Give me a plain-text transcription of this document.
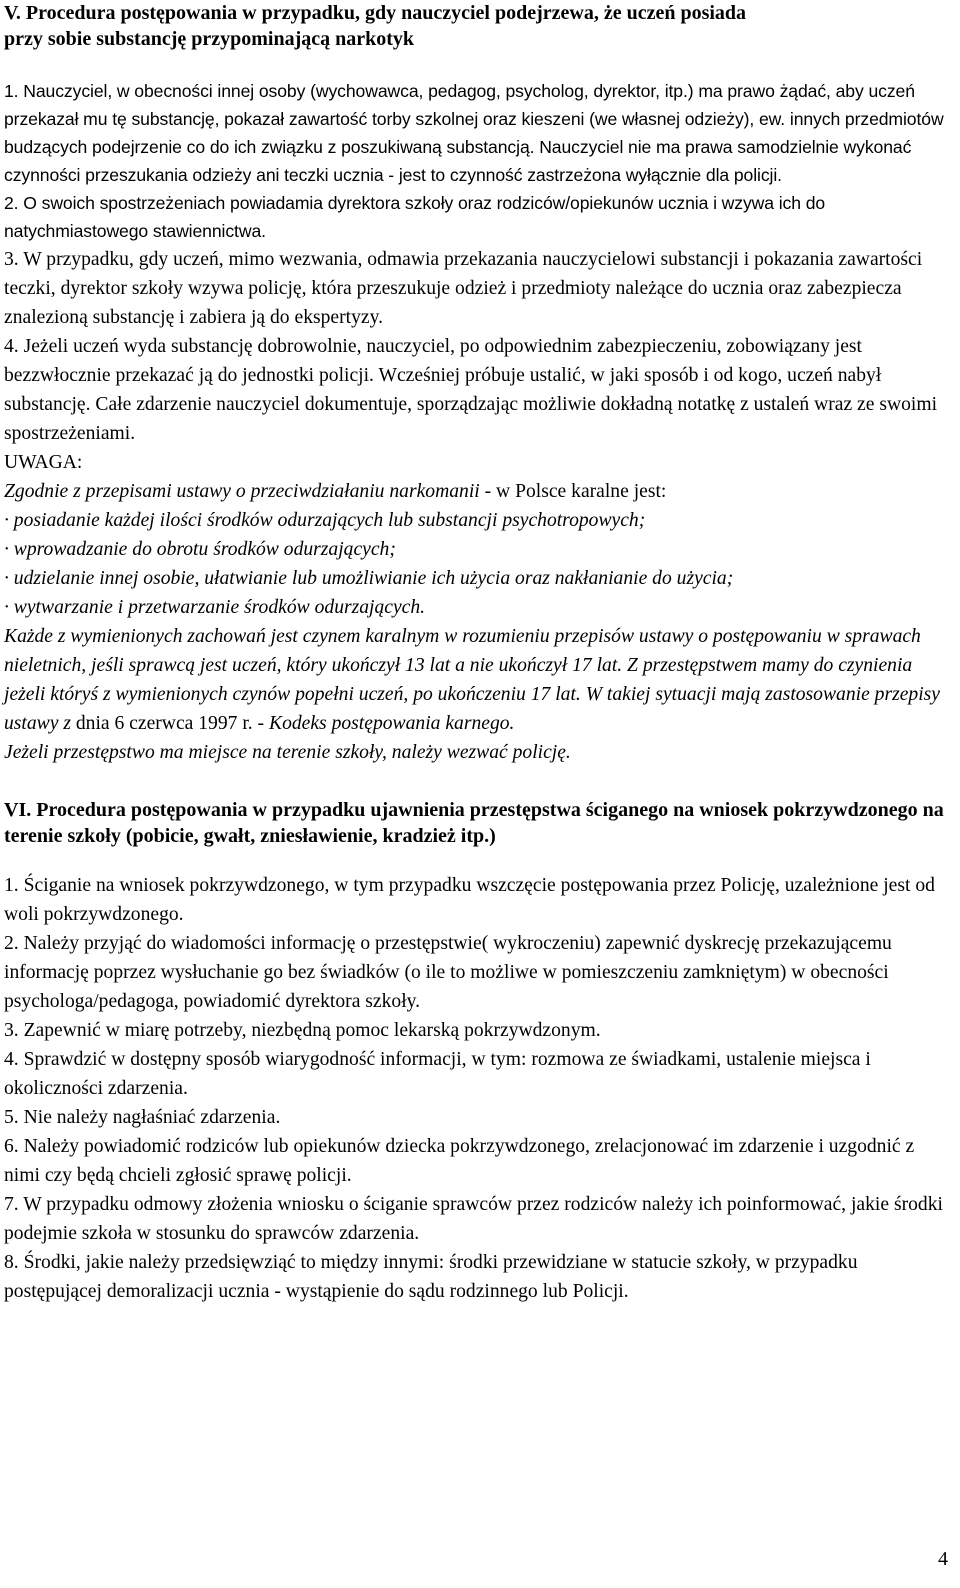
V. Procedura postępowania w przypadku, gdy nauczyciel podejrzewa, że uczeń posiada
przy sobie substancję przypominającą narkotyk

1. Nauczyciel, w obecności innej osoby (wychowawca, pedagog, psycholog, dyrektor, itp.) ma prawo żądać, aby uczeń przekazał mu tę substancję, pokazał zawartość torby szkolnej oraz kieszeni (we własnej odzieży), ew. innych przedmiotów budzących podejrzenie co do ich związku z poszukiwaną substancją. Nauczyciel nie ma prawa samodzielnie wykonać czynności przeszukania odzieży ani teczki ucznia - jest to czynność zastrzeżona wyłącznie dla policji.

2. O swoich spostrzeżeniach powiadamia dyrektora szkoły oraz rodziców/opiekunów ucznia i wzywa ich do natychmiastowego stawiennictwa.

3. W przypadku, gdy uczeń, mimo wezwania, odmawia przekazania nauczycielowi substancji i pokazania zawartości teczki, dyrektor szkoły wzywa policję, która przeszukuje odzież i przedmioty należące do ucznia oraz zabezpiecza znalezioną substancję i zabiera ją do ekspertyzy.

4. Jeżeli uczeń wyda substancję dobrowolnie, nauczyciel, po odpowiednim zabezpieczeniu, zobowiązany jest bezzwłocznie przekazać ją do jednostki policji. Wcześniej próbuje ustalić, w jaki sposób i od kogo, uczeń nabył substancję. Całe zdarzenie nauczyciel dokumentuje, sporządzając możliwie dokładną notatkę z ustaleń wraz ze swoimi spostrzeżeniami.

UWAGA:

Zgodnie z przepisami ustawy o przeciwdziałaniu narkomanii - w Polsce karalne jest:

· posiadanie każdej ilości środków odurzających lub substancji psychotropowych;

· wprowadzanie do obrotu środków odurzających;

· udzielanie innej osobie, ułatwianie lub umożliwianie ich użycia oraz nakłanianie do użycia;

· wytwarzanie i przetwarzanie środków odurzających.

Każde z wymienionych zachowań jest czynem karalnym w rozumieniu przepisów ustawy o postępowaniu w sprawach nieletnich, jeśli sprawcą jest uczeń, który ukończył 13 lat a nie ukończył 17 lat. Z przestępstwem mamy do czynienia jeżeli któryś z wymienionych czynów popełni uczeń, po ukończeniu 17 lat. W takiej sytuacji mają zastosowanie przepisy ustawy z dnia 6 czerwca 1997 r. - Kodeks postępowania karnego.

Jeżeli przestępstwo ma miejsce na terenie szkoły, należy wezwać policję.

VI. Procedura postępowania w przypadku ujawnienia przestępstwa ściganego na wniosek pokrzywdzonego na terenie szkoły (pobicie, gwałt, zniesławienie, kradzież itp.)

1. Ściganie na wniosek pokrzywdzonego, w tym przypadku wszczęcie postępowania przez Policję, uzależnione jest od woli pokrzywdzonego.

2. Należy przyjąć do wiadomości informację o przestępstwie( wykroczeniu) zapewnić dyskrecję przekazującemu informację poprzez wysłuchanie go bez świadków (o ile to możliwe w pomieszczeniu zamkniętym) w obecności psychologa/pedagoga, powiadomić dyrektora szkoły.

3. Zapewnić w miarę potrzeby, niezbędną pomoc lekarską pokrzywdzonym.

4. Sprawdzić w dostępny sposób wiarygodność informacji, w tym: rozmowa ze świadkami, ustalenie miejsca i okoliczności zdarzenia.

5. Nie należy nagłaśniać zdarzenia.

6. Należy powiadomić rodziców lub opiekunów dziecka pokrzywdzonego, zrelacjonować im zdarzenie i uzgodnić z nimi czy będą chcieli zgłosić sprawę policji.

7. W przypadku odmowy złożenia wniosku o ściganie sprawców przez rodziców należy ich poinformować, jakie środki podejmie szkoła w stosunku do sprawców zdarzenia.

8. Środki, jakie należy przedsięwziąć to między innymi: środki przewidziane w statucie szkoły, w przypadku postępującej demoralizacji ucznia - wystąpienie do sądu rodzinnego lub Policji.

4
